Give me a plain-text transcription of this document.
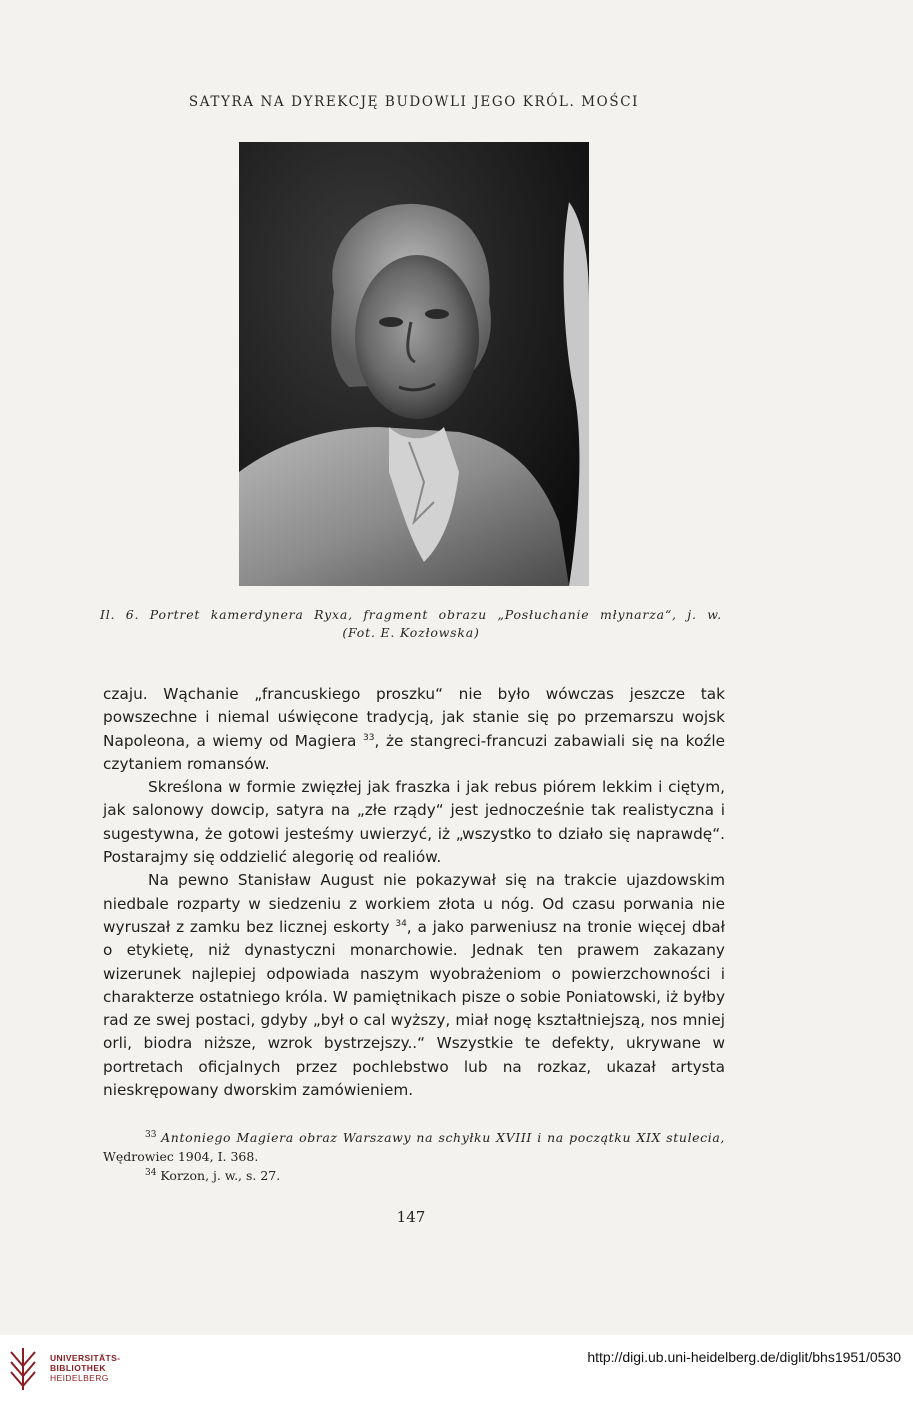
SATYRA NA DYREKCJĘ BUDOWLI JEGO KRÓL. MOŚCI
Il. 6. Portret kamerdynera Ryxa, fragment obrazu „Posłuchanie młynarza“, j. w.
(Fot. E. Kozłowska)

czaju. Wąchanie „francuskiego proszku“ nie było wówczas jeszcze tak powszechne i niemal uświęcone tradycją, jak stanie się po przemarszu wojsk Napoleona, a wiemy od Magiera $^{33}$, że stangreci-francuzi zabawiali się na koźle czytaniem romansów.

Skreślona w formie zwięzłej jak fraszka i jak rebus piórem lekkim i ciętym, jak salonowy dowcip, satyra na „złe rządy“ jest jednocześnie tak realistyczna i sugestywna, że gotowi jesteśmy uwierzyć, iż „wszystko to działo się naprawdę“. Postarajmy się oddzielić alegorię od realiów.

Na pewno Stanisław August nie pokazywał się na trakcie ujazdowskim niedbale rozparty w siedzeniu z workiem złota u nóg. Od czasu porwania nie wyruszał z zamku bez licznej eskorty $^{34}$, a jako parweniusz na tronie więcej dbał o etykietę, niż dynastyczni monarchowie. Jednak ten prawem zakazany wizerunek najlepiej odpowiada naszym wyobrażeniom o powierzchowności i charakterze ostatniego króla. W pamiętnikach pisze o sobie Poniatowski, iż byłby rad ze swej postaci, gdyby „był o cal wyższy, miał nogę kształtniejszą, nos mniej orli, biodra niższe, wzrok bystrzejszy..“ Wszystkie te defekty, ukrywane w portretach oficjalnych przez pochlebstwo lub na rozkaz, ukazał artysta nieskrępowany dworskim zamówieniem.

$^{33}$ Antoniego Magiera obraz Warszawy na schyłku XVIII i na początku XIX stulecia, Wędrowiec 1904, I. 368.

$^{34}$ Korzon, j. w., s. 27.

147
UNIVERSITÄTS-
BIBLIOTHEK
HEIDELBERG
http://digi.ub.uni-heidelberg.de/diglit/bhs1951/0530
